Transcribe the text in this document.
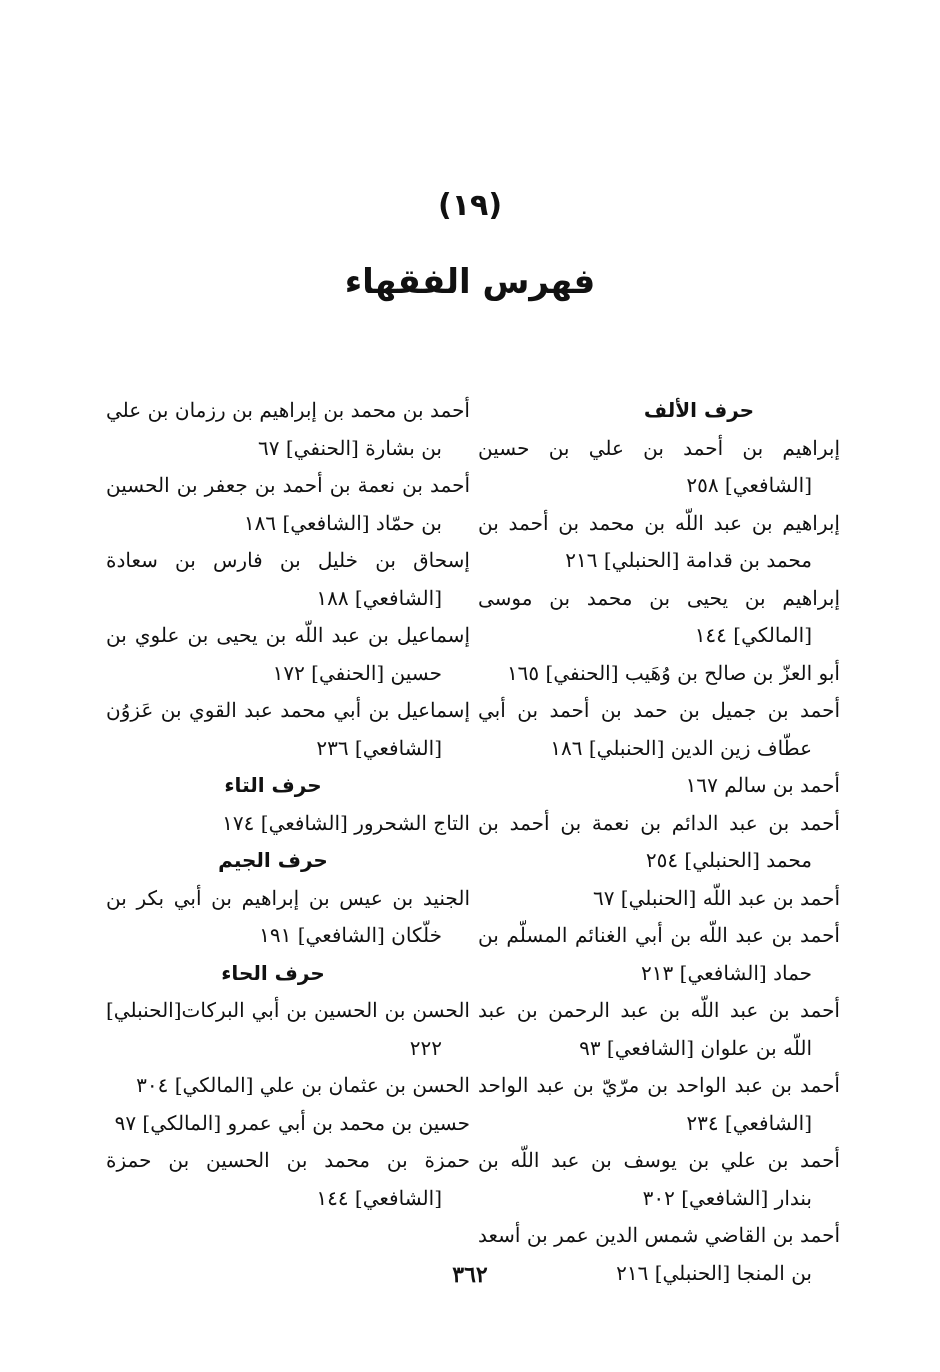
(١٩)
فهرس الفقهاء
حرف الألف
إبراهيم بن أحمد بن علي بن حسين [الشافعي] ٢٥٨
إبراهيم بن عبد اللّه بن محمد بن أحمد بن محمد بن قدامة [الحنبلي] ٢١٦
إبراهيم بن يحيى بن محمد بن موسى [المالكي] ١٤٤
أبو العزّ بن صالح بن وُهَيب [الحنفي] ١٦٥
أحمد بن جميل بن حمد بن أحمد بن أبي عطّاف زين الدين [الحنبلي] ١٨٦
أحمد بن سالم ١٦٧
أحمد بن عبد الدائم بن نعمة بن أحمد بن محمد [الحنبلي] ٢٥٤
أحمد بن عبد اللّه [الحنبلي] ٦٧
أحمد بن عبد اللّه بن أبي الغنائم المسلّم بن حماد [الشافعي] ٢١٣
أحمد بن عبد اللّه بن عبد الرحمن بن عبد اللّه بن علوان [الشافعي] ٩٣
أحمد بن عبد الواحد بن مرّيّ بن عبد الواحد [الشافعي] ٢٣٤
أحمد بن علي بن يوسف بن عبد اللّه بن بندار [الشافعي] ٣٠٢
أحمد بن القاضي شمس الدين عمر بن أسعد بن المنجا [الحنبلي] ٢١٦
أحمد بن محمد بن إبراهيم بن رزمان بن علي بن بشارة [الحنفي] ٦٧
أحمد بن نعمة بن أحمد بن جعفر بن الحسين بن حمّاد [الشافعي] ١٨٦
إسحاق بن خليل بن فارس بن سعادة [الشافعي] ١٨٨
إسماعيل بن عبد اللّه بن يحيى بن علوي بن حسين [الحنفي] ١٧٢
إسماعيل بن أبي محمد عبد القوي بن عَزوُن [الشافعي] ٢٣٦
حرف التاء
التاج الشحرور [الشافعي] ١٧٤
حرف الجيم
الجنيد بن عيس بن إبراهيم بن أبي بكر بن خلّكان [الشافعي] ١٩١
حرف الحاء
الحسن بن الحسين بن أبي البركات[الحنبلي] ٢٢٢
الحسن بن عثمان بن علي [المالكي] ٣٠٤
حسين بن محمد بن أبي عمرو [المالكي] ٩٧
حمزة بن محمد بن الحسين بن حمزة [الشافعي] ١٤٤
٣٦٢
